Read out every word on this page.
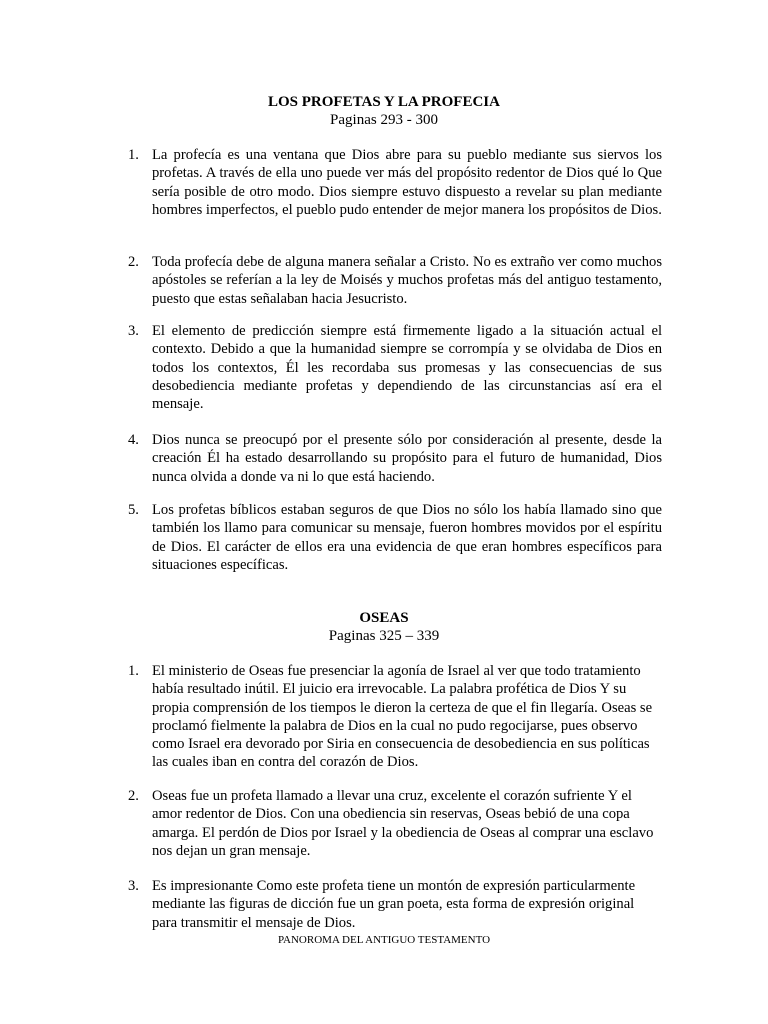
LOS PROFETAS Y LA PROFECIA
Paginas 293 - 300
1. La profecía es una ventana que Dios abre para su pueblo mediante sus siervos los profetas. A través de ella uno puede ver más del propósito redentor de Dios qué lo Que sería posible de otro modo. Dios siempre estuvo dispuesto a revelar su plan mediante hombres imperfectos, el pueblo pudo entender de mejor manera los propósitos de Dios.
2. Toda profecía debe de alguna manera señalar a Cristo. No es extraño ver como muchos apóstoles se referían a la ley de Moisés y muchos profetas más del antiguo testamento, puesto que estas señalaban hacia Jesucristo.
3. El elemento de predicción siempre está firmemente ligado a la situación actual el contexto. Debido a que la humanidad siempre se corrompía y se olvidaba de Dios en todos los contextos, Él les recordaba sus promesas y las consecuencias de sus desobediencia mediante profetas y dependiendo de las circunstancias así era el mensaje.
4. Dios nunca se preocupó por el presente sólo por consideración al presente, desde la creación Él ha estado desarrollando su propósito para el futuro de humanidad, Dios nunca olvida a donde va ni lo que está haciendo.
5. Los profetas bíblicos estaban seguros de que Dios no sólo los había llamado sino que también los llamo para comunicar su mensaje, fueron hombres movidos por el espíritu de Dios. El carácter de ellos era una evidencia de que eran hombres específicos para situaciones específicas.
OSEAS
Paginas 325 – 339
1. El ministerio de Oseas fue presenciar la agonía de Israel al ver que todo tratamiento había resultado inútil. El juicio era irrevocable. La palabra profética de Dios Y su propia comprensión de los tiempos le dieron la certeza de que el fin llegaría. Oseas se proclamó fielmente la palabra de Dios en la cual no pudo regocijarse, pues observo como Israel era devorado por Siria en consecuencia de desobediencia en sus políticas las cuales iban en contra del corazón de Dios.
2. Oseas fue un profeta llamado a llevar una cruz, excelente el corazón sufriente Y el amor redentor de Dios. Con una obediencia sin reservas, Oseas bebió de una copa amarga. El perdón de Dios por Israel y la obediencia de Oseas al comprar una esclavo nos dejan un gran mensaje.
3. Es impresionante Como este profeta tiene un montón de expresión particularmente mediante las figuras de dicción fue un gran poeta, esta forma de expresión original para transmitir el mensaje de Dios.
PANOROMA DEL ANTIGUO TESTAMENTO
